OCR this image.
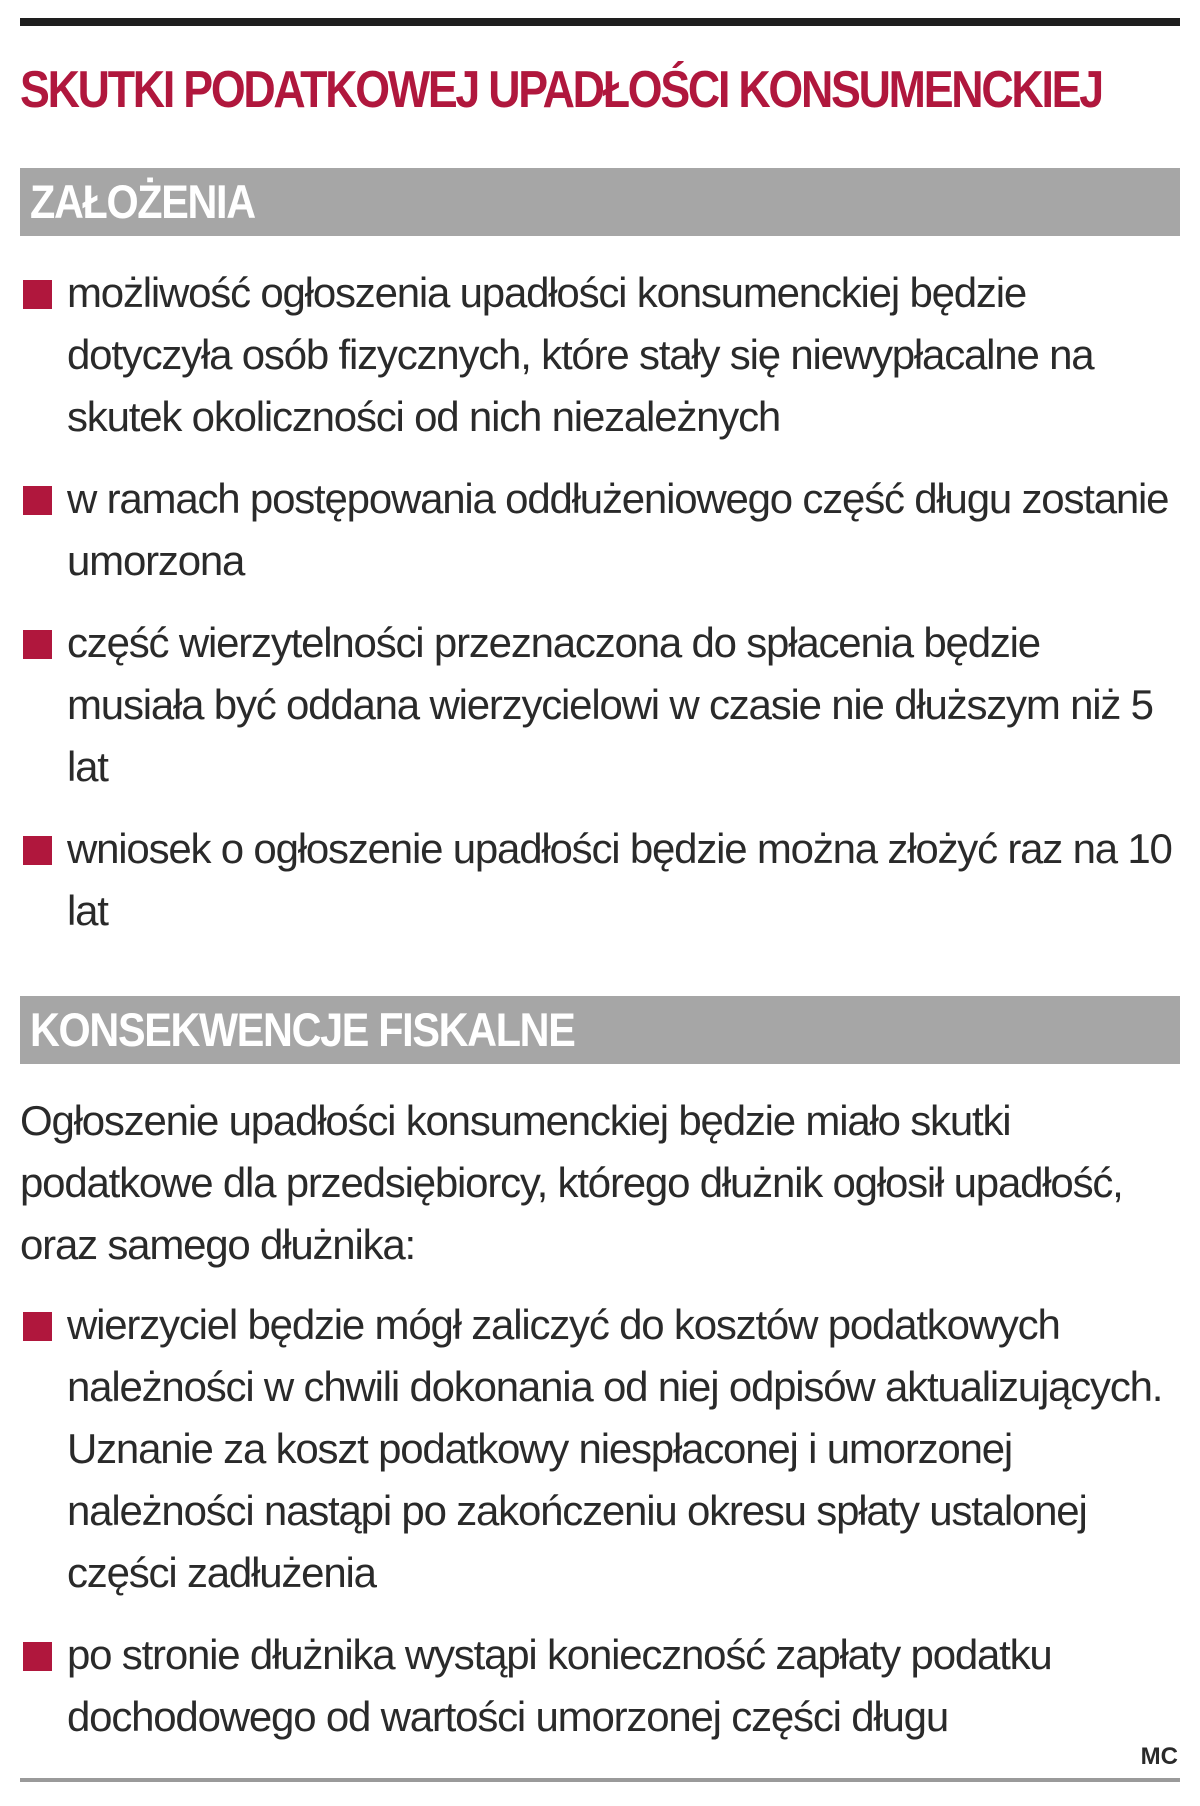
SKUTKI PODATKOWEJ UPADŁOŚCI KONSUMENCKIEJ
ZAŁOŻENIA
możliwość ogłoszenia upadłości konsumenckiej będzie dotyczyła osób fizycznych, które stały się niewypłacalne na skutek okoliczności od nich niezależnych
w ramach postępowania oddłużeniowego część długu zostanie umorzona
część wierzytelności przeznaczona do spłacenia będzie musiała być oddana wierzycielowi w czasie nie dłuższym niż 5 lat
wniosek o ogłoszenie upadłości będzie można złożyć raz na 10 lat
KONSEKWENCJE FISKALNE

Ogłoszenie upadłości konsumenckiej będzie miało skutki podatkowe dla przedsiębiorcy, którego dłużnik ogłosił upadłość, oraz samego dłużnika:

wierzyciel będzie mógł zaliczyć do kosztów podatkowych należności w chwili dokonania od niej odpisów aktualizujących. Uznanie za koszt podatkowy niespłaconej i umorzonej należności nastąpi po zakończeniu okresu spłaty ustalonej części zadłużenia
po stronie dłużnika wystąpi konieczność zapłaty podatku dochodowego od wartości umorzonej części długu
MC
